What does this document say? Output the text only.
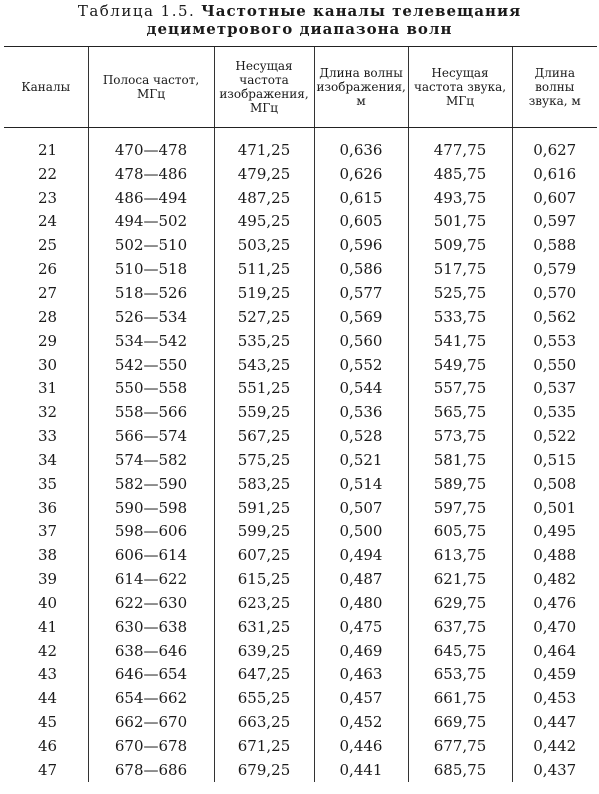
Таблица 1.5. Частотные каналы телевещания
дециметрового диапазона волн
Каналы	Полоса частот, МГц	Несущая частота изображения, МГц	Длина волны изображения, м	Несущая частота звука, МГц	Длина волны звука, м
21	470—478	471,25	0,636	477,75	0,627
22	478—486	479,25	0,626	485,75	0,616
23	486—494	487,25	0,615	493,75	0,607
24	494—502	495,25	0,605	501,75	0,597
25	502—510	503,25	0,596	509,75	0,588
26	510—518	511,25	0,586	517,75	0,579
27	518—526	519,25	0,577	525,75	0,570
28	526—534	527,25	0,569	533,75	0,562
29	534—542	535,25	0,560	541,75	0,553
30	542—550	543,25	0,552	549,75	0,550
31	550—558	551,25	0,544	557,75	0,537
32	558—566	559,25	0,536	565,75	0,535
33	566—574	567,25	0,528	573,75	0,522
34	574—582	575,25	0,521	581,75	0,515
35	582—590	583,25	0,514	589,75	0,508
36	590—598	591,25	0,507	597,75	0,501
37	598—606	599,25	0,500	605,75	0,495
38	606—614	607,25	0,494	613,75	0,488
39	614—622	615,25	0,487	621,75	0,482
40	622—630	623,25	0,480	629,75	0,476
41	630—638	631,25	0,475	637,75	0,470
42	638—646	639,25	0,469	645,75	0,464
43	646—654	647,25	0,463	653,75	0,459
44	654—662	655,25	0,457	661,75	0,453
45	662—670	663,25	0,452	669,75	0,447
46	670—678	671,25	0,446	677,75	0,442
47	678—686	679,25	0,441	685,75	0,437
